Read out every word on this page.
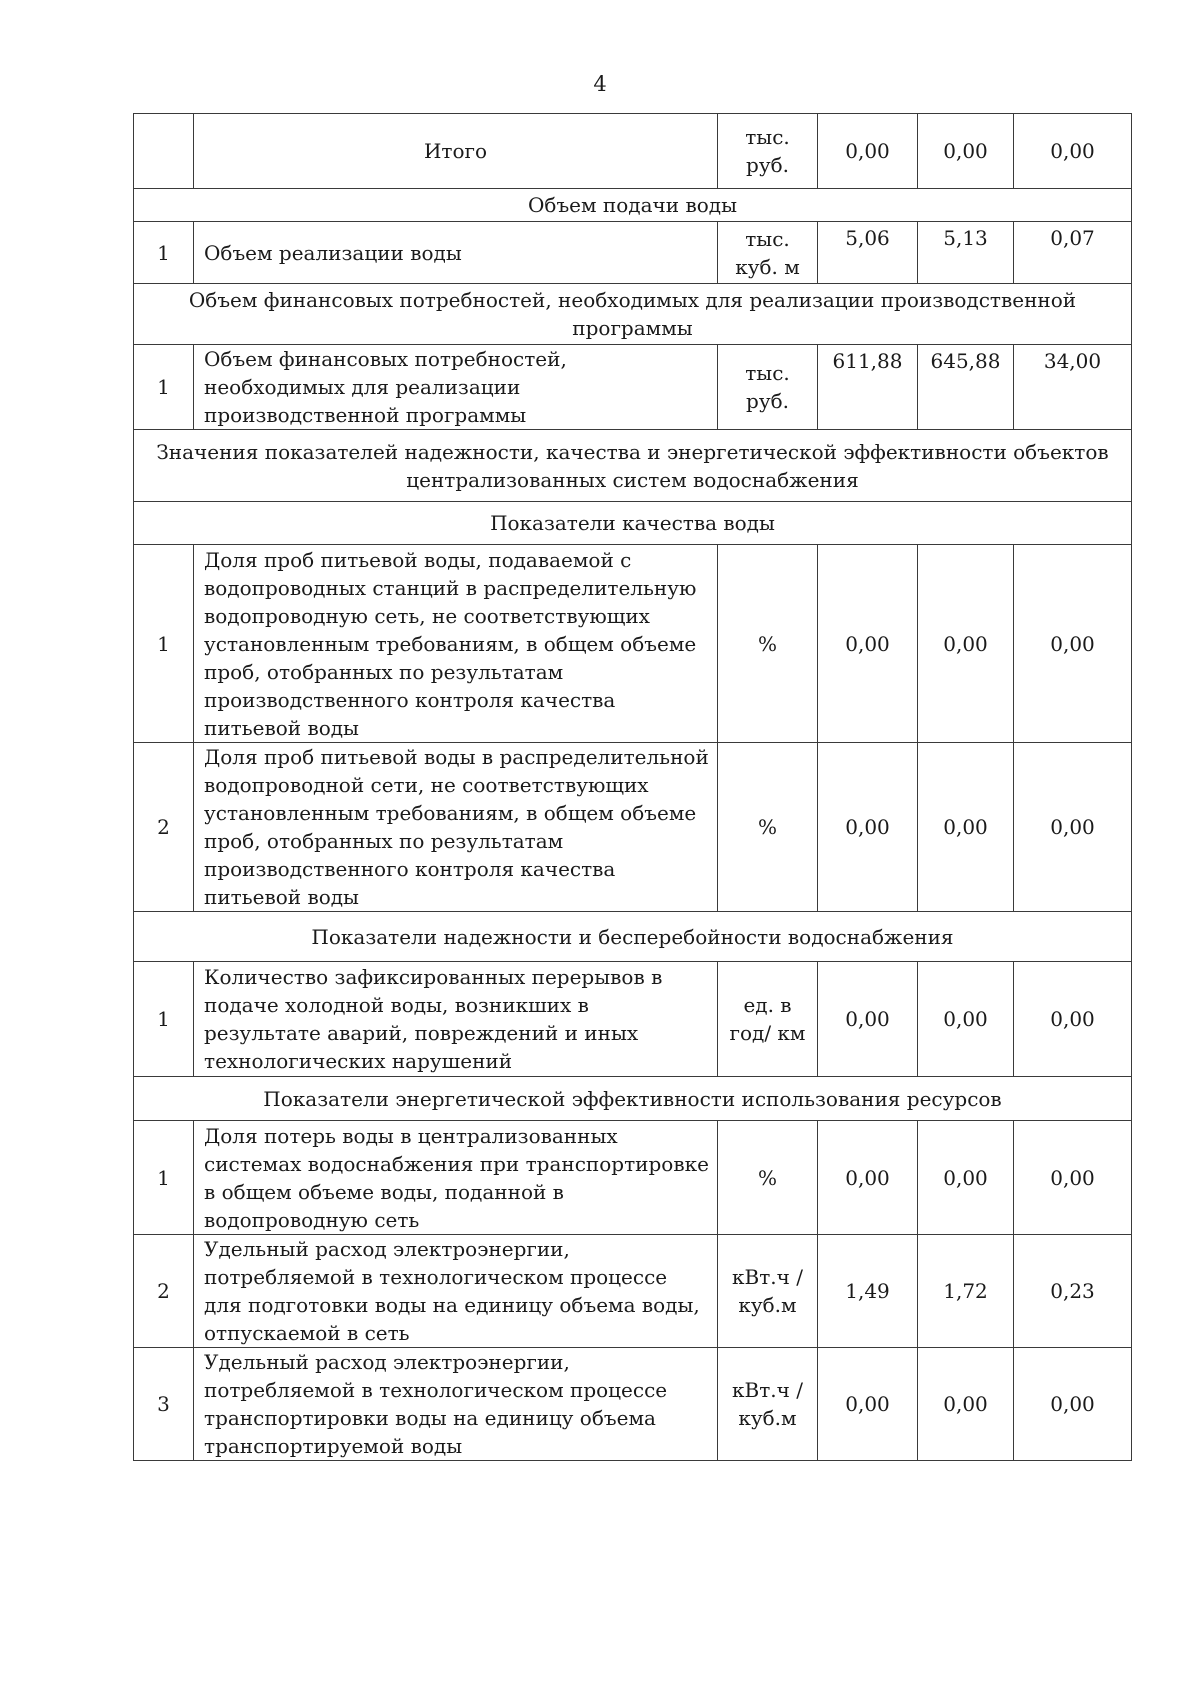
4
	Итого	тыс. руб.	0,00	0,00	0,00
Объем подачи воды					
1	Объем реализации воды	тыс. куб. м	5,06	5,13	0,07
Объем финансовых потребностей, необходимых для реализации производственной программы					
1	Объем финансовых потребностей, необходимых для реализации производственной программы	тыс. руб.	611,88	645,88	34,00
Значения показателей надежности, качества и энергетической эффективности объектов централизованных систем водоснабжения					
Показатели качества воды					
1	Доля проб питьевой воды, подаваемой с водопроводных станций в распределительную водопроводную сеть, не соответствующих установленным требованиям, в общем объеме проб, отобранных по результатам производственного контроля качества питьевой воды	%	0,00	0,00	0,00
2	Доля проб питьевой воды в распределительной водопроводной сети, не соответствующих установленным требованиям, в общем объеме проб, отобранных по результатам производственного контроля качества питьевой воды	%	0,00	0,00	0,00
Показатели надежности и бесперебойности водоснабжения					
1	Количество зафиксированных перерывов в подаче холодной воды, возникших в результате аварий, повреждений и иных технологических нарушений	ед. в год/ км	0,00	0,00	0,00
Показатели энергетической эффективности использования ресурсов					
1	Доля потерь воды в централизованных системах водоснабжения при транспортировке в общем объеме воды, поданной в водопроводную сеть	%	0,00	0,00	0,00
2	Удельный расход электроэнергии, потребляемой в технологическом процессе для подготовки воды на единицу объема воды, отпускаемой в сеть	кВт.ч / куб.м	1,49	1,72	0,23
3	Удельный расход электроэнергии, потребляемой в технологическом процессе транспортировки воды на единицу объема транспортируемой воды	кВт.ч / куб.м	0,00	0,00	0,00
